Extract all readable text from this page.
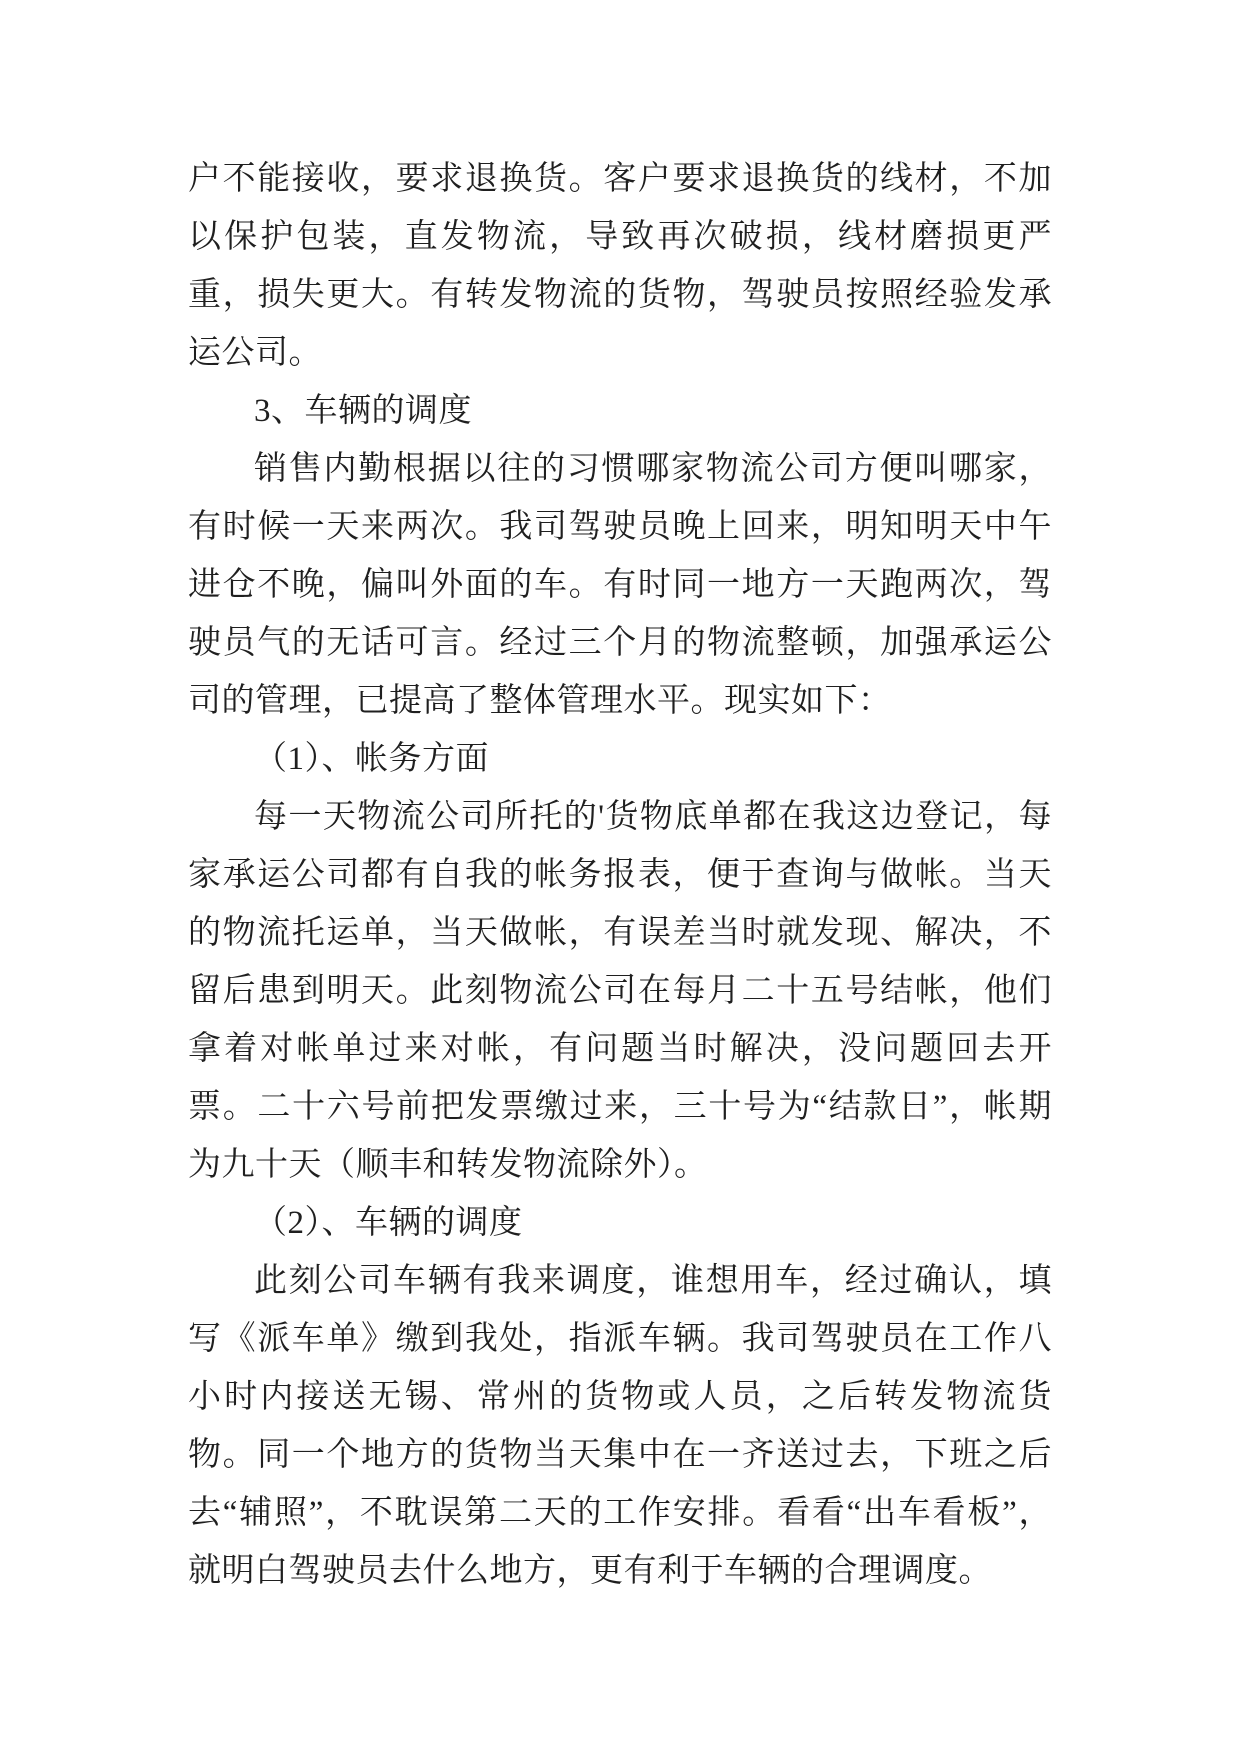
户不能接收，要求退换货。客户要求退换货的线材，不加以保护包装，直发物流，导致再次破损，线材磨损更严重，损失更大。有转发物流的货物，驾驶员按照经验发承运公司。

3、车辆的调度

销售内勤根据以往的习惯哪家物流公司方便叫哪家，有时候一天来两次。我司驾驶员晚上回来，明知明天中午进仓不晚，偏叫外面的车。有时同一地方一天跑两次，驾驶员气的无话可言。经过三个月的物流整顿，加强承运公司的管理，已提高了整体管理水平。现实如下：

（1）、帐务方面

每一天物流公司所托的'货物底单都在我这边登记，每家承运公司都有自我的帐务报表，便于查询与做帐。当天的物流托运单，当天做帐，有误差当时就发现、解决，不留后患到明天。此刻物流公司在每月二十五号结帐，他们拿着对帐单过来对帐，有问题当时解决，没问题回去开票。二十六号前把发票缴过来，三十号为“结款日”，帐期为九十天（顺丰和转发物流除外）。

（2）、车辆的调度

此刻公司车辆有我来调度，谁想用车，经过确认，填写《派车单》缴到我处，指派车辆。我司驾驶员在工作八小时内接送无锡、常州的货物或人员，之后转发物流货物。同一个地方的货物当天集中在一齐送过去，下班之后去“辅照”，不耽误第二天的工作安排。看看“出车看板”，就明白驾驶员去什么地方，更有利于车辆的合理调度。
